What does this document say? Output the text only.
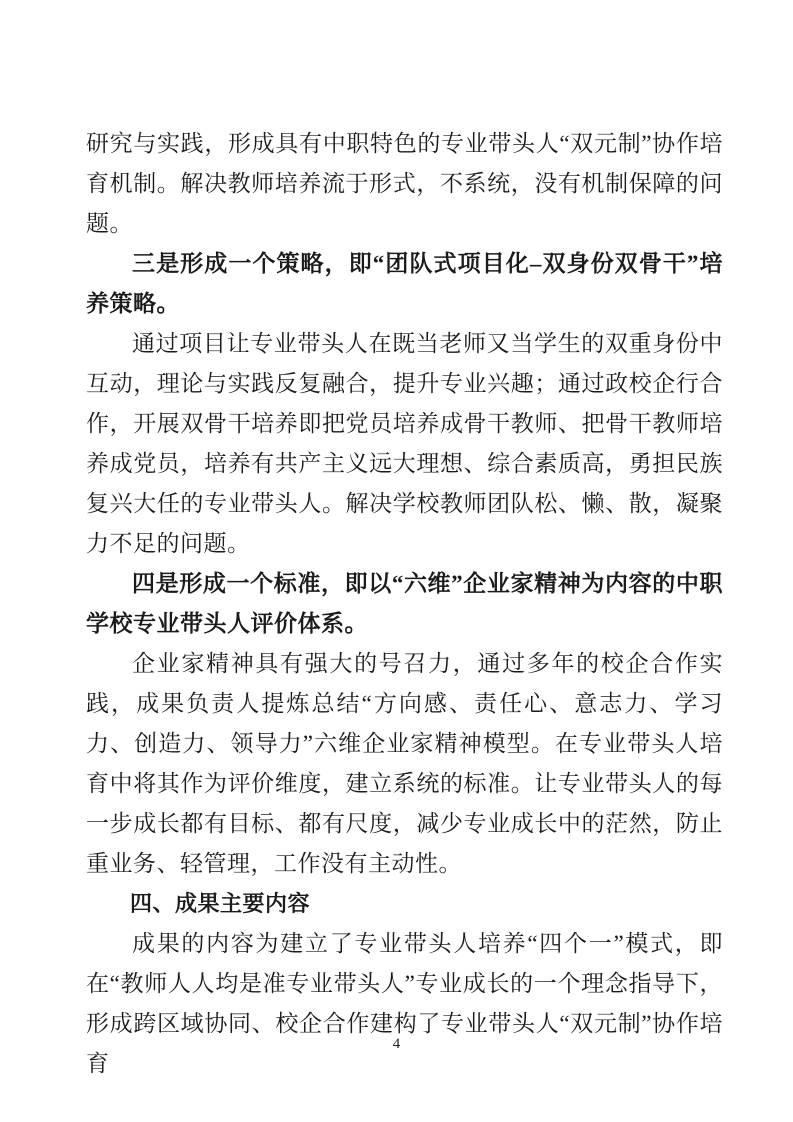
研究与实践，形成具有中职特色的专业带头人“双元制”协作培育机制。解决教师培养流于形式，不系统，没有机制保障的问题。

三是形成一个策略，即“团队式项目化–双身份双骨干”培养策略。

通过项目让专业带头人在既当老师又当学生的双重身份中互动，理论与实践反复融合，提升专业兴趣；通过政校企行合作，开展双骨干培养即把党员培养成骨干教师、把骨干教师培养成党员，培养有共产主义远大理想、综合素质高，勇担民族复兴大任的专业带头人。解决学校教师团队松、懒、散，凝聚力不足的问题。

四是形成一个标准，即以“六维”企业家精神为内容的中职学校专业带头人评价体系。

企业家精神具有强大的号召力，通过多年的校企合作实践，成果负责人提炼总结“方向感、责任心、意志力、学习力、创造力、领导力”六维企业家精神模型。在专业带头人培育中将其作为评价维度，建立系统的标准。让专业带头人的每一步成长都有目标、都有尺度，减少专业成长中的茫然，防止重业务、轻管理，工作没有主动性。

四、成果主要内容

成果的内容为建立了专业带头人培养“四个一”模式，即在“教师人人均是准专业带头人”专业成长的一个理念指导下，形成跨区域协同、校企合作建构了专业带头人“双元制”协作培育

4
